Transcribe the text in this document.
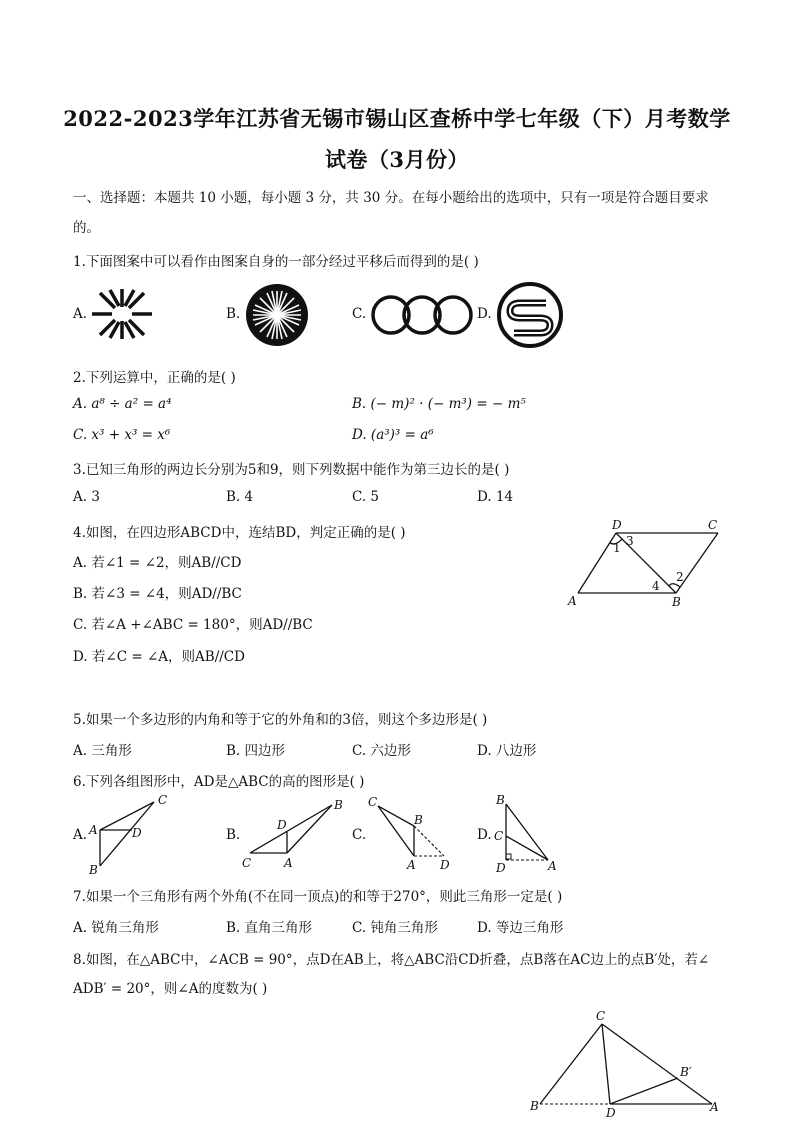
2022-2023学年江苏省无锡市锡山区查桥中学七年级（下）月考数学
试卷（3月份）
一、选择题：本题共 10 小题，每小题 3 分，共 30 分。在每小题给出的选项中，只有一项是符合题目要求
的。
1.下面图案中可以看作由图案自身的一部分经过平移后而得到的是( )
A.	B.	C.	D.
2.下列运算中，正确的是( )
A. a⁸ ÷ a² = a⁴	B. (− m)² · (− m³) = − m⁵
C. x³ + x³ = x⁶	D. (a³)³ = a⁶
3.已知三角形的两边长分别为5和9，则下列数据中能作为第三边长的是( )
A. 3	B. 4	C. 5	D. 14
4.如图，在四边形ABCD中，连结BD，判定正确的是( )
A. 若∠1 = ∠2，则AB//CD
B. 若∠3 = ∠4，则AD//BC
C. 若∠A +∠ABC = 180°，则AD//BC
D. 若∠C = ∠A，则AB//CD
D	C
A	B
1
2
3
4
5.如果一个多边形的内角和等于它的外角和的3倍，则这个多边形是( )
A. 三角形	B. 四边形	C. 六边形	D. 八边形
6.下列各组图形中，AD是△ABC的高的图形是( )
A.
C
A	D
B
B.
B
D
C	A
C.
C
B
A D
D.
B
C
D	A
7.如果一个三角形有两个外角(不在同一顶点)的和等于270°，则此三角形一定是( )
A. 锐角三角形	B. 直角三角形	C. 钝角三角形	D. 等边三角形
8.如图，在△ABC中，∠ACB = 90°，点D在AB上，将△ABC沿CD折叠，点B落在AC边上的点B′处，若∠
ADB′ = 20°，则∠A的度数为( )
C
B′
B	D	A
